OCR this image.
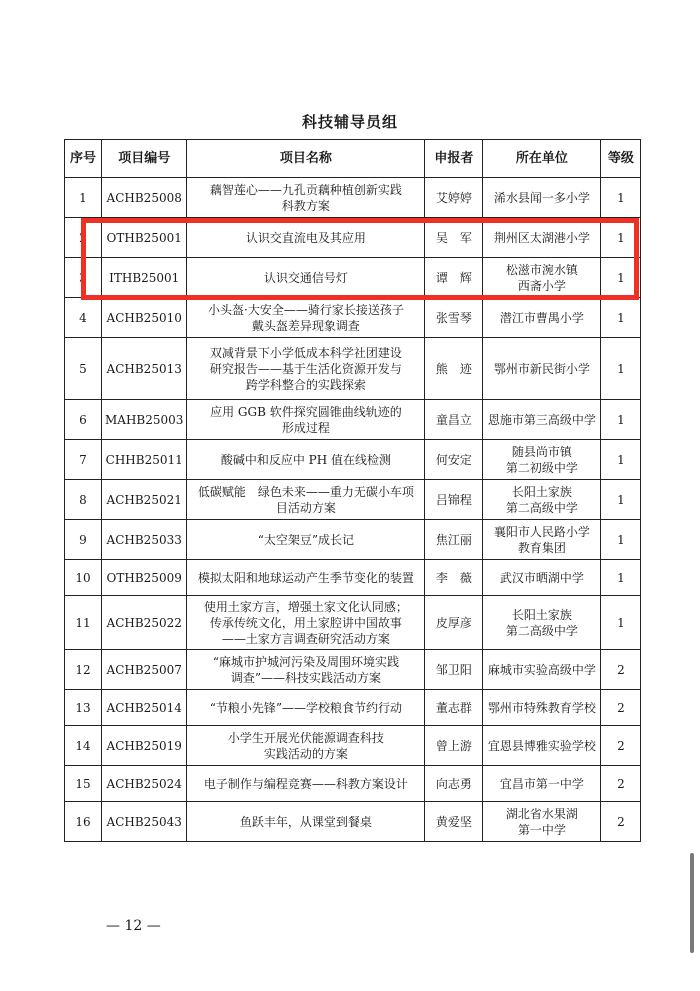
科技辅导员组
序号	项目编号	项目名称	申报者	所在单位	等级
1	ACHB25008	藕智莲心——九孔贡藕种植创新实践
科教方案	艾婷婷	浠水县闻一多小学	1
2	OTHB25001	认识交直流电及其应用	吴　军	荆州区太湖港小学	1
3	ITHB25001	认识交通信号灯	谭　辉	松滋市涴水镇
西斋小学	1
4	ACHB25010	小头盔·大安全——骑行家长接送孩子
戴头盔差异现象调查	张雪琴	潜江市曹禺小学	1
5	ACHB25013	双减背景下小学低成本科学社团建设
研究报告——基于生活化资源开发与
跨学科整合的实践探索	熊　迹	鄂州市新民街小学	1
6	MAHB25003	应用 GGB 软件探究圆锥曲线轨迹的
形成过程	童昌立	恩施市第三高级中学	1
7	CHHB25011	酸碱中和反应中 PH 值在线检测	何安定	随县尚市镇
第二初级中学	1
8	ACHB25021	低碳赋能　绿色未来——重力无碳小车项
目活动方案	吕锦程	长阳土家族
第二高级中学	1
9	ACHB25033	“太空架豆”成长记	焦江丽	襄阳市人民路小学
教育集团	1
10	OTHB25009	模拟太阳和地球运动产生季节变化的装置	李　薇	武汉市晒湖中学	1
11	ACHB25022	使用土家方言，增强土家文化认同感；
传承传统文化，用土家腔讲中国故事
——土家方言调查研究活动方案	皮厚彦	长阳土家族
第二高级中学	1
12	ACHB25007	“麻城市护城河污染及周围环境实践
调查”——科技实践活动方案	邹卫阳	麻城市实验高级中学	2
13	ACHB25014	“节粮小先锋”——学校粮食节约行动	董志群	鄂州市特殊教育学校	2
14	ACHB25019	小学生开展光伏能源调查科技
实践活动的方案	曾上游	宜恩县博雅实验学校	2
15	ACHB25024	电子制作与编程竞赛——科教方案设计	向志勇	宜昌市第一中学	2
16	ACHB25043	鱼跃丰年，从课堂到餐桌	黄爱坚	湖北省水果湖
第一中学	2
— 12 —
